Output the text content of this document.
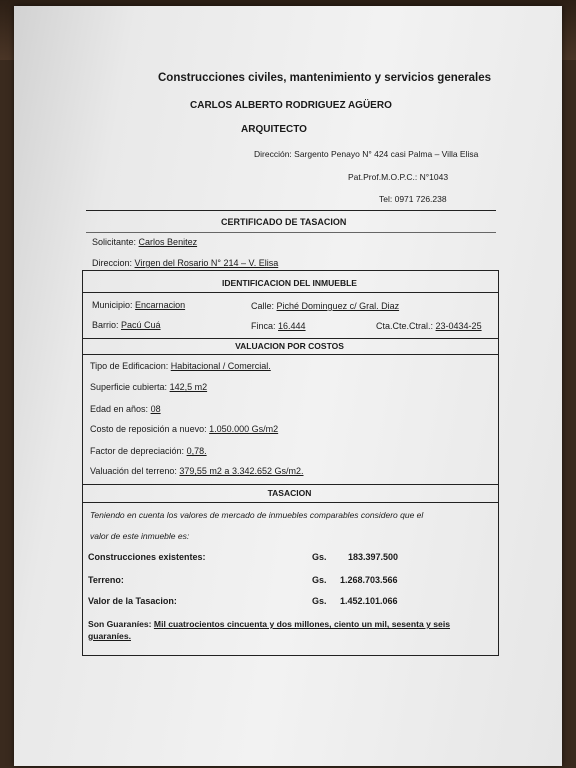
Construcciones civiles, mantenimiento y servicios generales
CARLOS ALBERTO RODRIGUEZ AGÜERO
ARQUITECTO
Dirección: Sargento Penayo N° 424 casi Palma – Villa Elisa
Pat.Prof.M.O.P.C.: N°1043
Tel: 0971 726.238
CERTIFICADO DE TASACION
Solicitante: Carlos Benitez
Direccion: Virgen del Rosario N° 214 – V. Elisa
IDENTIFICACION DEL INMUEBLE
Municipio: Encarnacion	Calle: Piché Dominguez c/ Gral. Diaz
Barrio: Pacú Cuá	Finca: 16.444	Cta.Cte.Ctral.: 23-0434-25
VALUACION POR COSTOS
Tipo de Edificacion: Habitacional / Comercial.
Superficie cubierta: 142,5 m2
Edad en años: 08
Costo de reposición a nuevo: 1.050.000 Gs/m2
Factor de depreciación: 0,78.
Valuación del terreno: 379,55 m2 a 3.342.652 Gs/m2.
TASACION
Teniendo en cuenta los valores de mercado de inmuebles comparables considero que el
valor de este inmueble es:
Construcciones existentes:	Gs. 183.397.500
Terreno:	Gs. 1.268.703.566
Valor de la Tasacion:	Gs. 1.452.101.066
Son Guaraníes: Mil cuatrocientos cincuenta y dos millones, ciento un mil, sesenta y seis
guaraníes.
